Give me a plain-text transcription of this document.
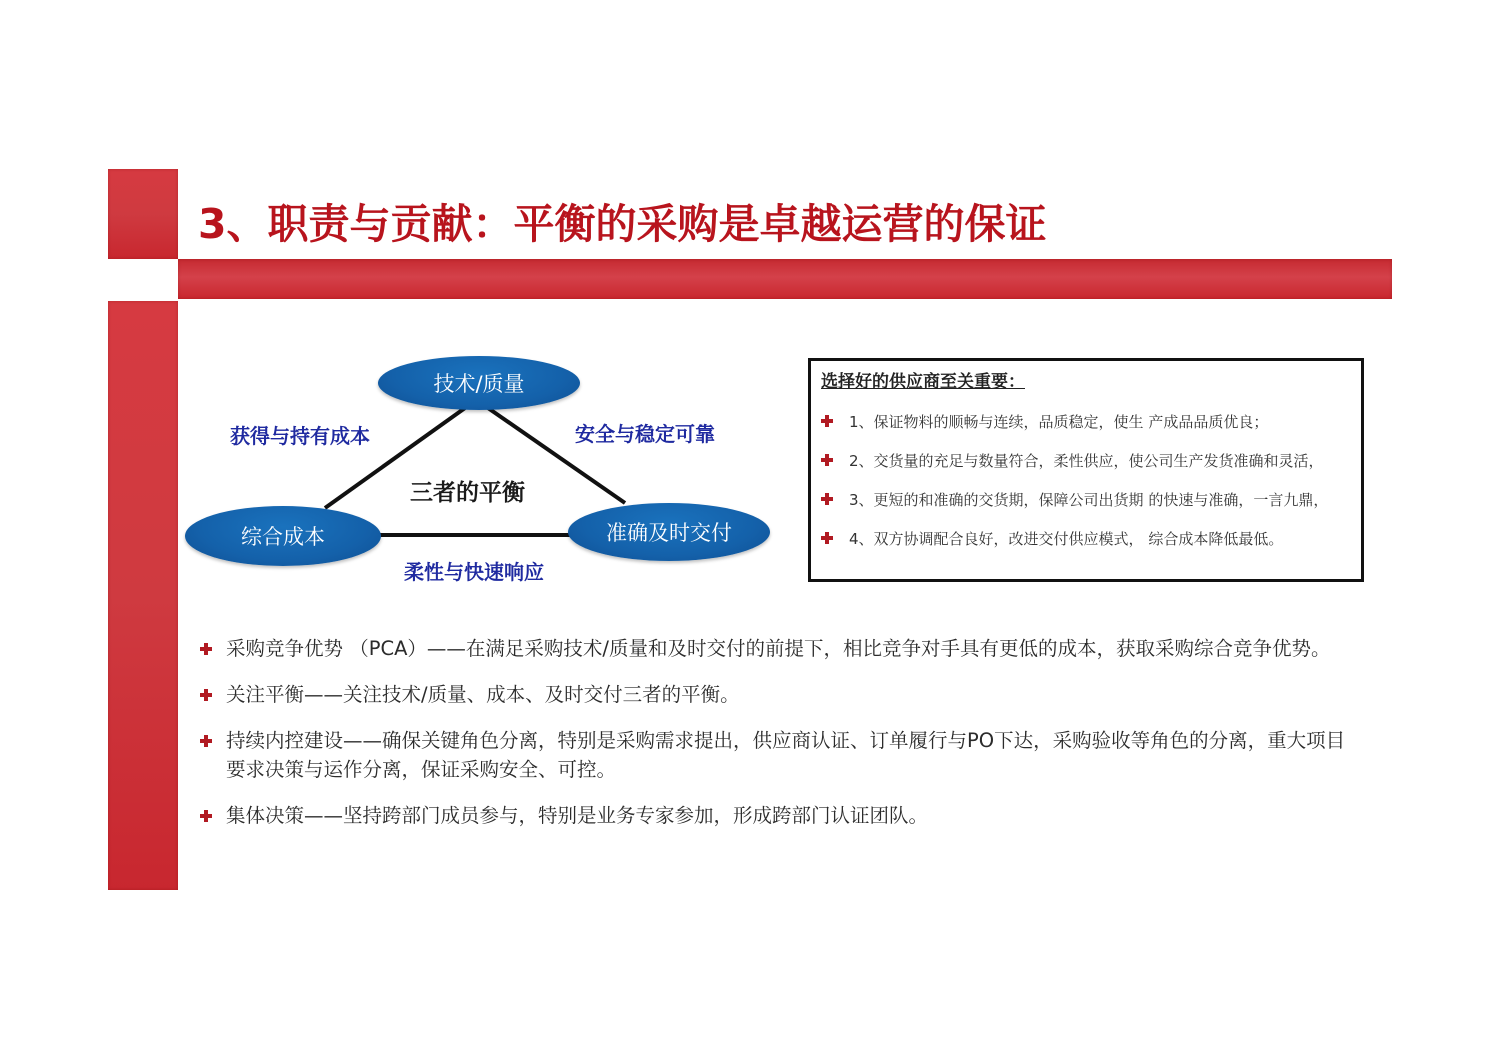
3、职责与贡献：平衡的采购是卓越运营的保证
技术/质量
综合成本	准确及时交付
获得与持有成本	安全与稳定可靠
柔性与快速响应
三者的平衡
选择好的供应商至关重要：
1、保证物料的顺畅与连续，品质稳定，使生 产成品品质优良；
2、交货量的充足与数量符合，柔性供应，使公司生产发货准确和灵活，
3、更短的和准确的交货期，保障公司出货期 的快速与准确，一言九鼎，
4、双方协调配合良好，改进交付供应模式， 综合成本降低最低。
采购竞争优势 （PCA）——在满足采购技术/质量和及时交付的前提下，相比竞争对手具有更低的成本，获取采购综合竞争优势。
关注平衡——关注技术/质量、成本、及时交付三者的平衡。
持续内控建设——确保关键角色分离，特别是采购需求提出，供应商认证、订单履行与PO下达，采购验收等角色的分离，重大项目要求决策与运作分离，保证采购安全、可控。
集体决策——坚持跨部门成员参与，特别是业务专家参加，形成跨部门认证团队。
